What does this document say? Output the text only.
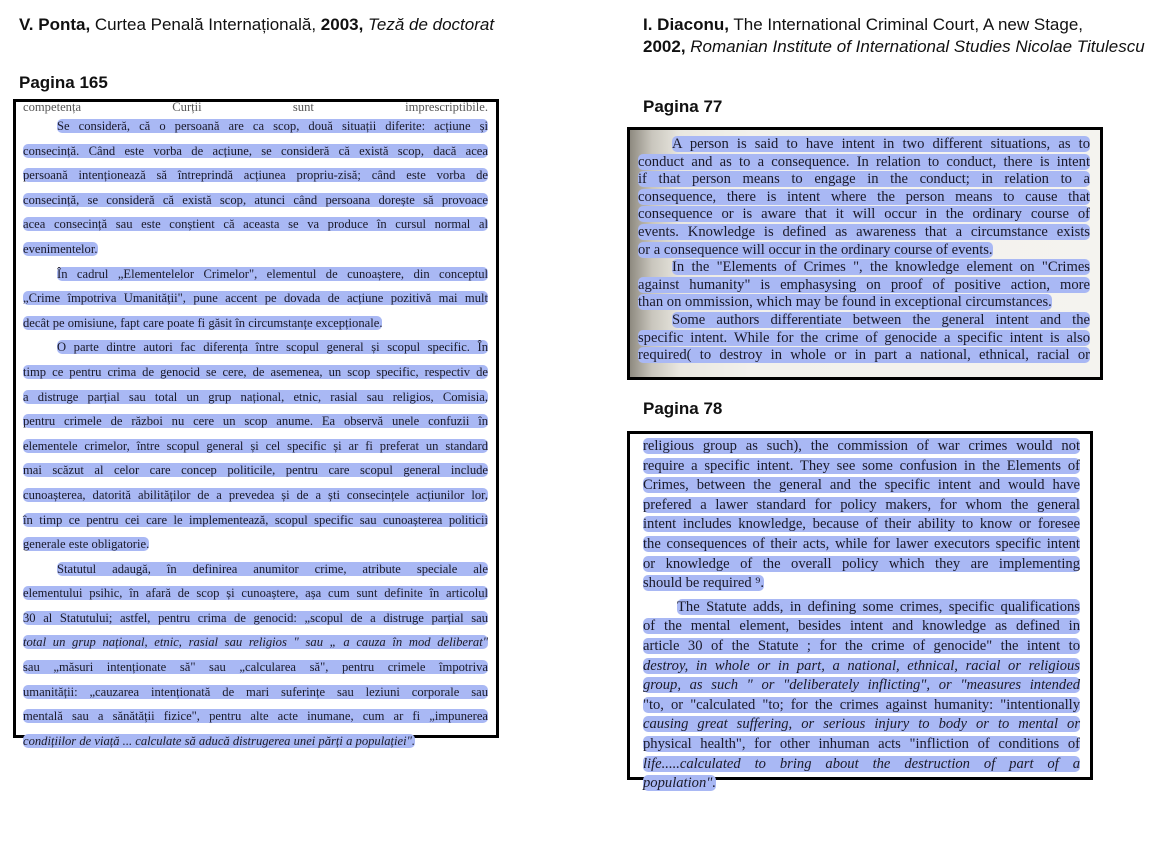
V. Ponta, Curtea Penală Internațională, 2003, Teză de doctorat
Pagina 165
I. Diaconu, The International Criminal Court, A new Stage,
2002, Romanian Institute of International Studies Nicolae Titulescu
Pagina 77
Pagina 78
competența Curții sunt imprescriptibile.
Se consideră, că o persoană are ca scop, două situații diferite: acțiune și
consecință. Când este vorba de acțiune, se consideră că există scop, dacă acea
persoană intenționează să întreprindă acțiunea propriu-zisă; când este vorba de
consecință, se consideră că există scop, atunci când persoana dorește să provoace
acea consecință sau este conștient că aceasta se va produce în cursul normal al
evenimentelor.
În cadrul „Elementelelor Crimelor", elementul de cunoaștere, din conceptul
„Crime împotriva Umanității", pune accent pe dovada de acțiune pozitivă mai mult
decât pe omisiune, fapt care poate fi găsit în circumstanțe excepționale.
O parte dintre autori fac diferența între scopul general și scopul specific. În
timp ce pentru crima de genocid se cere, de asemenea, un scop specific, respectiv de
a distruge parțial sau total un grup național, etnic, rasial sau religios, Comisia,
pentru crimele de război nu cere un scop anume. Ea observă unele confuzii în
elementele crimelor, între scopul general și cel specific și ar fi preferat un standard
mai scăzut al celor care concep politicile, pentru care scopul general include
cunoașterea, datorită abilităților de a prevedea și de a ști consecințele acțiunilor lor,
în timp ce pentru cei care le implementează, scopul specific sau cunoașterea politicii
generale este obligatorie.
Statutul adaugă, în definirea anumitor crime, atribute speciale ale
elementului psihic, în afară de scop și cunoaștere, așa cum sunt definite în articolul
30 al Statutului; astfel, pentru crima de genocid: „scopul de a distruge parțial sau
total un grup național, etnic, rasial sau religios " sau „ a cauza în mod deliberat"
sau „măsuri intenționate să" sau „calcularea să", pentru crimele împotriva
umanității: „cauzarea intenționată de mari suferințe sau leziuni corporale sau
mentală sau a sănătății fizice", pentru alte acte inumane, cum ar fi „impunerea
condițiilor de viață ... calculate să aducă distrugerea unei părți a populației".
A person is said to have intent in two different situations, as to
conduct and as to a consequence. In relation to conduct, there is intent
if that person means to engage in the conduct; in relation to a
consequence, there is intent where the person means to cause that
consequence or is aware that it will occur in the ordinary course of
events. Knowledge is defined as awareness that a circumstance exists
or a consequence will occur in the ordinary course of events.
In the "Elements of Crimes ", the knowledge element on "Crimes
against humanity" is emphasysing on proof of positive action, more
than on ommission, which may be found in exceptional circumstances.
Some authors differentiate between the general intent and the
specific intent. While for the crime of genocide a specific intent is also
required( to destroy in whole or in part a national, ethnical, racial or
religious group as such), the commission of war crimes would not
require a specific intent. They see some confusion in the Elements of
Crimes, between the general and the specific intent and would have
prefered a lawer standard for policy makers, for whom the general
intent includes knowledge, because of their ability to know or foresee
the consequences of their acts, while for lawer executors specific intent
or knowledge of the overall policy which they are implementing
should be required ⁹.
The Statute adds, in defining some crimes, specific qualifications
of the mental element, besides intent and knowledge as defined in
article 30 of the Statute ; for the crime of genocide" the intent to
destroy, in whole or in part, a national, ethnical, racial or religious
group, as such " or "deliberately inflicting", or "measures intended
"to, or "calculated "to; for the crimes against humanity: "intentionally
causing great suffering, or serious injury to body or to mental or
physical health", for other inhuman acts "infliction of conditions of
life.....calculated to bring about the destruction of part of a
population".
